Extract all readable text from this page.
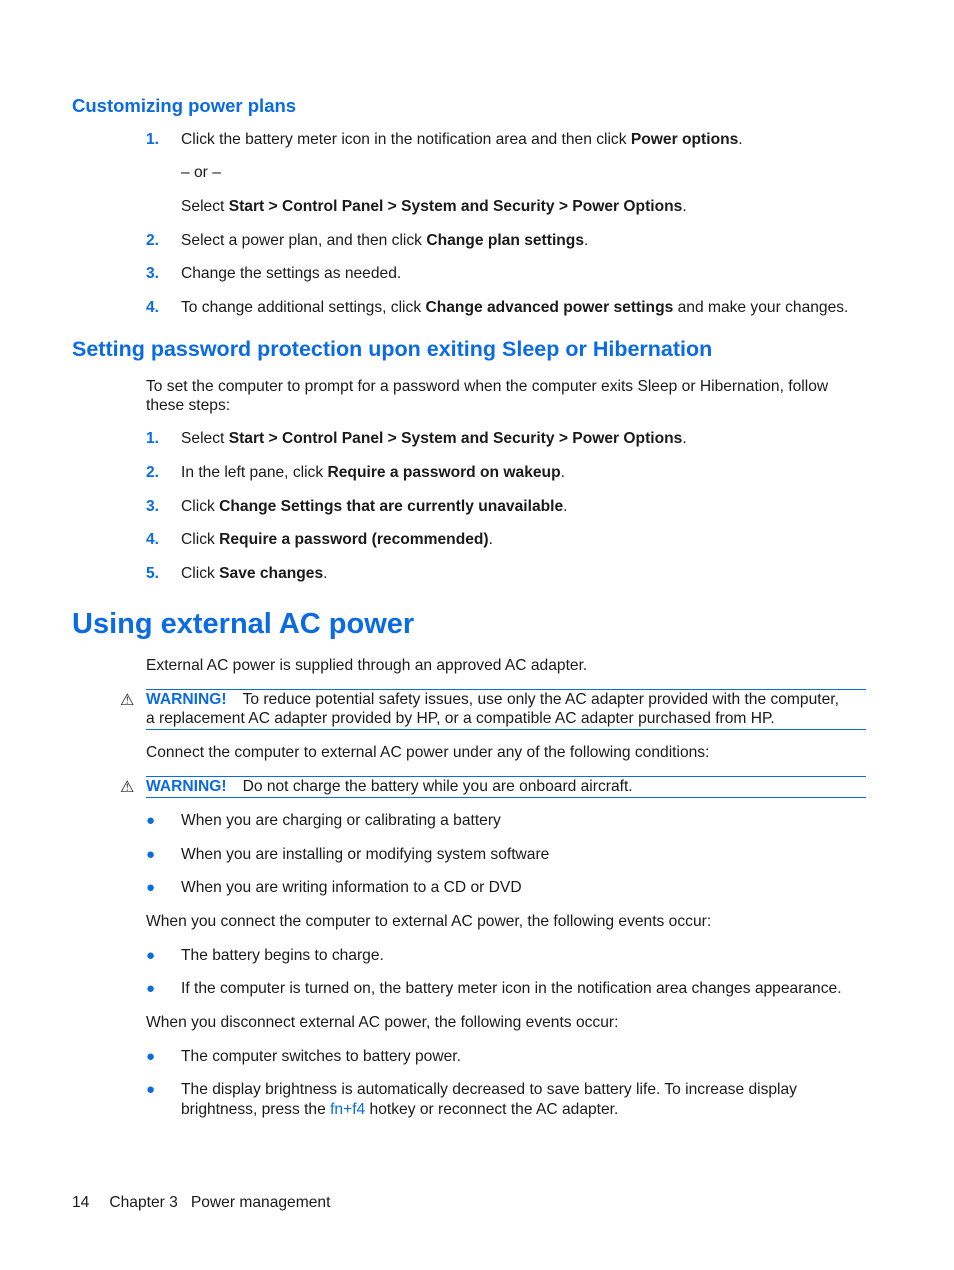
Customizing power plans
1. Click the battery meter icon in the notification area and then click Power options.
– or –
Select Start > Control Panel > System and Security > Power Options.
2. Select a power plan, and then click Change plan settings.
3. Change the settings as needed.
4. To change additional settings, click Change advanced power settings and make your changes.
Setting password protection upon exiting Sleep or Hibernation
To set the computer to prompt for a password when the computer exits Sleep or Hibernation, follow
these steps:
1. Select Start > Control Panel > System and Security > Power Options.
2. In the left pane, click Require a password on wakeup.
3. Click Change Settings that are currently unavailable.
4. Click Require a password (recommended).
5. Click Save changes.
Using external AC power
External AC power is supplied through an approved AC adapter.
⚠ WARNING! To reduce potential safety issues, use only the AC adapter provided with the computer,
a replacement AC adapter provided by HP, or a compatible AC adapter purchased from HP.
Connect the computer to external AC power under any of the following conditions:
⚠ WARNING! Do not charge the battery while you are onboard aircraft.
● When you are charging or calibrating a battery
● When you are installing or modifying system software
● When you are writing information to a CD or DVD
When you connect the computer to external AC power, the following events occur:
● The battery begins to charge.
● If the computer is turned on, the battery meter icon in the notification area changes appearance.
When you disconnect external AC power, the following events occur:
● The computer switches to battery power.
● The display brightness is automatically decreased to save battery life. To increase display
brightness, press the fn+f4 hotkey or reconnect the AC adapter.
14 Chapter 3 Power management
